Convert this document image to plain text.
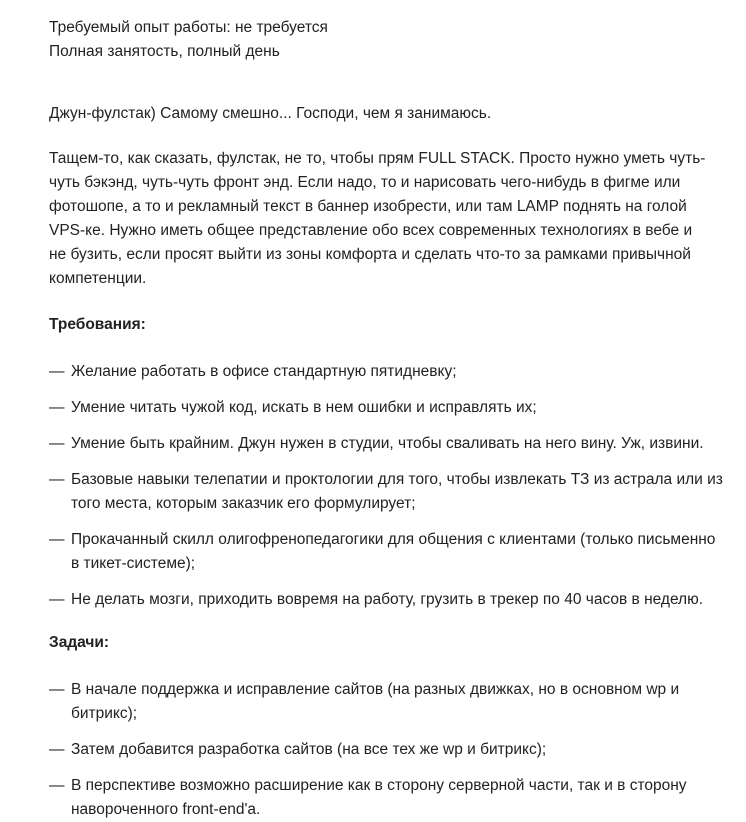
Требуемый опыт работы: не требуется

Полная занятость, полный день

Джун-фулстак) Самому смешно... Господи, чем я занимаюсь.

Тащем-то, как сказать, фулстак, не то, чтобы прям FULL STACK. Просто нужно уметь чуть-чуть бэкэнд, чуть-чуть фронт энд. Если надо, то и нарисовать чего-нибудь в фигме или фотошопе, а то и рекламный текст в баннер изобрести, или там LAMP поднять на голой VPS-ке. Нужно иметь общее представление обо всех современных технологиях в вебе и не бузить, если просят выйти из зоны комфорта и сделать что-то за рамками привычной компетенции.

Требования:

— Желание работать в офисе стандартную пятидневку;
— Умение читать чужой код, искать в нем ошибки и исправлять их;
— Умение быть крайним. Джун нужен в студии, чтобы сваливать на него вину. Уж, извини.
— Базовые навыки телепатии и проктологии для того, чтобы извлекать ТЗ из астрала или из того места, которым заказчик его формулирует;
— Прокачанный скилл олигофренопедагогики для общения с клиентами (только письменно в тикет-системе);
— Не делать мозги, приходить вовремя на работу, грузить в трекер по 40 часов в неделю.

Задачи:

— В начале поддержка и исправление сайтов (на разных движках, но в основном wp и битрикс);
— Затем добавится разработка сайтов (на все тех же wp и битрикс);
— В перспективе возможно расширение как в сторону серверной части, так и в сторону навороченного front-end'а.
